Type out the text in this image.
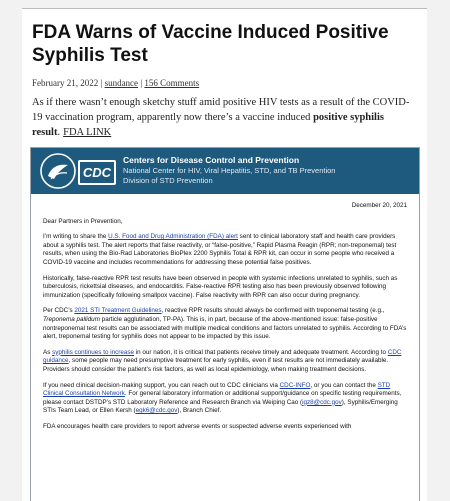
FDA Warns of Vaccine Induced Positive Syphilis Test
February 21, 2022 | sundance | 156 Comments

As if there wasn’t enough sketchy stuff amid positive HIV tests as a result of the COVID-19 vaccination program, apparently now there’s a vaccine induced positive syphilis result. FDA LINK

CDC
Centers for Disease Control and Prevention
National Center for HIV, Viral Hepatitis, STD, and TB Prevention
Division of STD Prevention

December 20, 2021

Dear Partners in Prevention,

I’m writing to share the U.S. Food and Drug Administration (FDA) alert sent to clinical laboratory staff and health care providers about a syphilis test. The alert reports that false reactivity, or “false-positive,” Rapid Plasma Reagin (RPR; non-treponemal) test results, when using the Bio-Rad Laboratories BioPlex 2200 Syphilis Total & RPR kit, can occur in some people who received a COVID-19 vaccine and includes recommendations for addressing these potential false positives.

Historically, false-reactive RPR test results have been observed in people with systemic infections unrelated to syphilis, such as tuberculosis, rickettsial diseases, and endocarditis. False-reactive RPR testing also has been previously observed following immunization (specifically following smallpox vaccine). False reactivity with RPR can also occur during pregnancy.

Per CDC’s 2021 STI Treatment Guidelines, reactive RPR results should always be confirmed with treponemal testing (e.g., Treponema pallidum particle agglutination, TP-PA). This is, in part, because of the above-mentioned issue: false-positive nontreponemal test results can be associated with multiple medical conditions and factors unrelated to syphilis. According to FDA’s alert, treponemal testing for syphilis does not appear to be impacted by this issue.

As syphilis continues to increase in our nation, it is critical that patients receive timely and adequate treatment. According to CDC guidance, some people may need presumptive treatment for early syphilis, even if test results are not immediately available. Providers should consider the patient’s risk factors, as well as local epidemiology, when making treatment decisions.

If you need clinical decision-making support, you can reach out to CDC clinicians via CDC-INFO, or you can contact the STD Clinical Consultation Network. For general laboratory information or additional support/guidance on specific testing requirements, please contact DSTDP’s STD Laboratory Reference and Research Branch via Weiping Cao (igz8@cdc.gov), Syphilis/Emerging STIs Team Lead, or Ellen Kersh (egk6@cdc.gov), Branch Chief.

FDA encourages health care providers to report adverse events or suspected adverse events experienced with
